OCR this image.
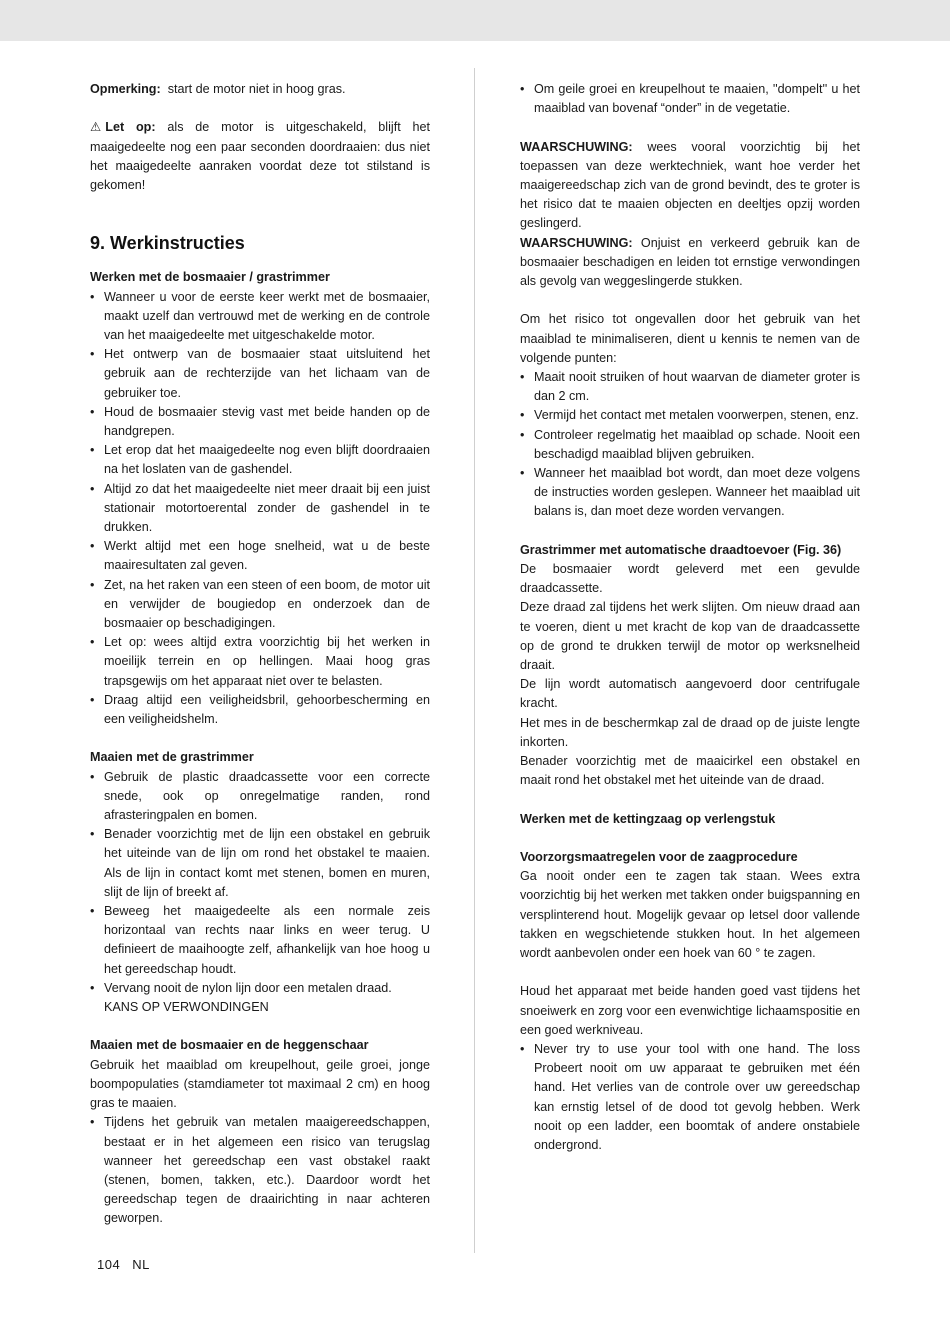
Opmerking: start de motor niet in hoog gras.

⚠ Let op: als de motor is uitgeschakeld, blijft het maaigedeelte nog een paar seconden doordraaien: dus niet het maaigedeelte aanraken voordat deze tot stilstand is gekomen!

9. Werkinstructies
Werken met de bosmaaier / grastrimmer
• Wanneer u voor de eerste keer werkt met de bosmaaier, maakt uzelf dan vertrouwd met de werking en de controle van het maaigedeelte met uitgeschakelde motor.
• Het ontwerp van de bosmaaier staat uitsluitend het gebruik aan de rechterzijde van het lichaam van de gebruiker toe.
• Houd de bosmaaier stevig vast met beide handen op de handgrepen.
• Let erop dat het maaigedeelte nog even blijft doordraaien na het loslaten van de gashendel.
• Altijd zo dat het maaigedeelte niet meer draait bij een juist stationair motortoerental zonder de gashendel in te drukken.
• Werkt altijd met een hoge snelheid, wat u de beste maairesultaten zal geven.
• Zet, na het raken van een steen of een boom, de motor uit en verwijder de bougiedop en onderzoek dan de bosmaaier op beschadigingen.
• Let op: wees altijd extra voorzichtig bij het werken in moeilijk terrein en op hellingen. Maai hoog gras trapsgewijs om het apparaat niet over te belasten.
• Draag altijd een veiligheidsbril, gehoorbescherming en een veiligheidshelm.
Maaien met de grastrimmer
• Gebruik de plastic draadcassette voor een correcte snede, ook op onregelmatige randen, rond afrasteringpalen en bomen.
• Benader voorzichtig met de lijn een obstakel en gebruik het uiteinde van de lijn om rond het obstakel te maaien. Als de lijn in contact komt met stenen, bomen en muren, slijt de lijn of breekt af.
• Beweeg het maaigedeelte als een normale zeis horizontaal van rechts naar links en weer terug. U definieert de maaihoogte zelf, afhankelijk van hoe hoog u het gereedschap houdt.
• Vervang nooit de nylon lijn door een metalen draad.
KANS OP VERWONDINGEN
Maaien met de bosmaaier en de heggenschaar

Gebruik het maaiblad om kreupelhout, geile groei, jonge boompopulaties (stamdiameter tot maximaal 2 cm) en hoog gras te maaien.

• Tijdens het gebruik van metalen maaigereedschappen, bestaat er in het algemeen een risico van terugslag wanneer het gereedschap een vast obstakel raakt (stenen, bomen, takken, etc.). Daardoor wordt het gereedschap tegen de draairichting in naar achteren geworpen.
• Om geile groei en kreupelhout te maaien, ''dompelt'' u het maaiblad van bovenaf “onder” in de vegetatie.

WAARSCHUWING: wees vooral voorzichtig bij het toepassen van deze werktechniek, want hoe verder het maaigereedschap zich van de grond bevindt, des te groter is het risico dat te maaien objecten en deeltjes opzij worden geslingerd.

WAARSCHUWING: Onjuist en verkeerd gebruik kan de bosmaaier beschadigen en leiden tot ernstige verwondingen als gevolg van weggeslingerde stukken.

Om het risico tot ongevallen door het gebruik van het maaiblad te minimaliseren, dient u kennis te nemen van de volgende punten:

• Maait nooit struiken of hout waarvan de diameter groter is dan 2 cm.
• Vermijd het contact met metalen voorwerpen, stenen, enz.
• Controleer regelmatig het maaiblad op schade. Nooit een beschadigd maaiblad blijven gebruiken.
• Wanneer het maaiblad bot wordt, dan moet deze volgens de instructies worden geslepen. Wanneer het maaiblad uit balans is, dan moet deze worden vervangen.
Grastrimmer met automatische draadtoevoer (Fig. 36)

De bosmaaier wordt geleverd met een gevulde draadcassette.

Deze draad zal tijdens het werk slijten. Om nieuw draad aan te voeren, dient u met kracht de kop van de draadcassette op de grond te drukken terwijl de motor op werksnelheid draait.

De lijn wordt automatisch aangevoerd door centrifugale kracht.

Het mes in de beschermkap zal de draad op de juiste lengte inkorten.

Benader voorzichtig met de maaicirkel een obstakel en maait rond het obstakel met het uiteinde van de draad.

Werken met de kettingzaag op verlengstuk
Voorzorgsmaatregelen voor de zaagprocedure

Ga nooit onder een te zagen tak staan. Wees extra voorzichtig bij het werken met takken onder buigspanning en versplinterend hout. Mogelijk gevaar op letsel door vallende takken en wegschietende stukken hout. In het algemeen wordt aanbevolen onder een hoek van 60 ° te zagen.

Houd het apparaat met beide handen goed vast tijdens het snoeiwerk en zorg voor een evenwichtige lichaamspositie en een goed werkniveau.

• Never try to use your tool with one hand. The loss Probeert nooit om uw apparaat te gebruiken met één hand. Het verlies van de controle over uw gereedschap kan ernstig letsel of de dood tot gevolg hebben. Werk nooit op een ladder, een boomtak of andere onstabiele ondergrond.
104 NL
